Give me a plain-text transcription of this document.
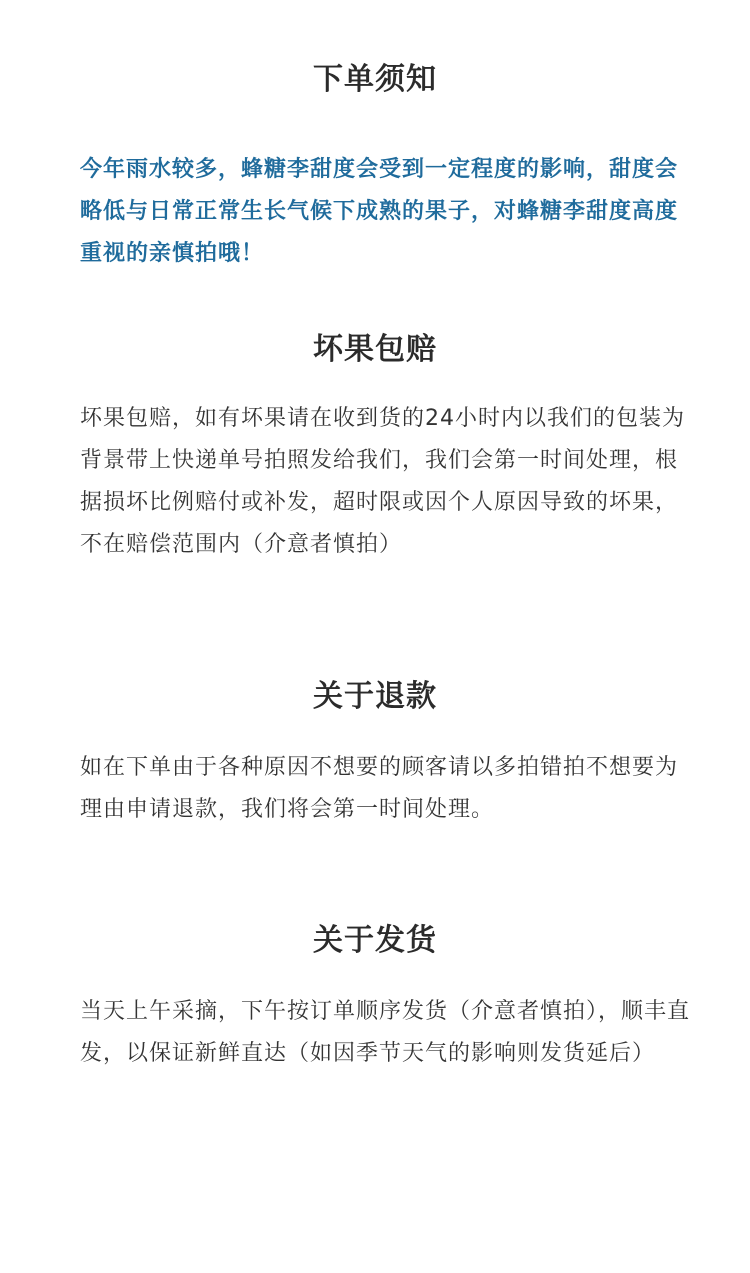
下单须知

今年雨水较多，蜂糖李甜度会受到一定程度的影响，甜度会略低与日常正常生长气候下成熟的果子，对蜂糖李甜度高度重视的亲慎拍哦！

坏果包赔

坏果包赔，如有坏果请在收到货的24小时内以我们的包装为背景带上快递单号拍照发给我们，我们会第一时间处理，根据损坏比例赔付或补发，超时限或因个人原因导致的坏果，不在赔偿范围内（介意者慎拍）

关于退款

如在下单由于各种原因不想要的顾客请以多拍错拍不想要为理由申请退款，我们将会第一时间处理。

关于发货

当天上午采摘，下午按订单顺序发货（介意者慎拍），顺丰直发，以保证新鲜直达（如因季节天气的影响则发货延后）
